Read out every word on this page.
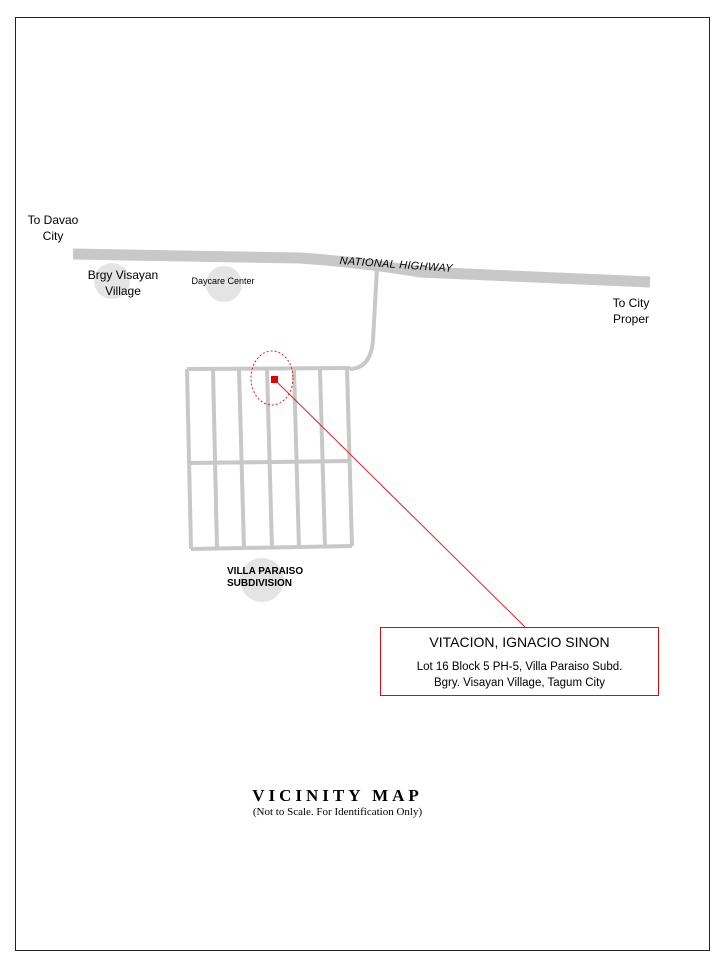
To Davao City
To City Proper
Brgy Visayan Village
Daycare Center
NATIONAL HIGHWAY
VILLA PARAISO
SUBDIVISION
VITACION, IGNACIO SINON
Lot 16 Block 5 PH-5, Villa Paraiso Subd.
Bgry. Visayan Village, Tagum City
VICINITY MAP
(Not to Scale. For Identification Only)
